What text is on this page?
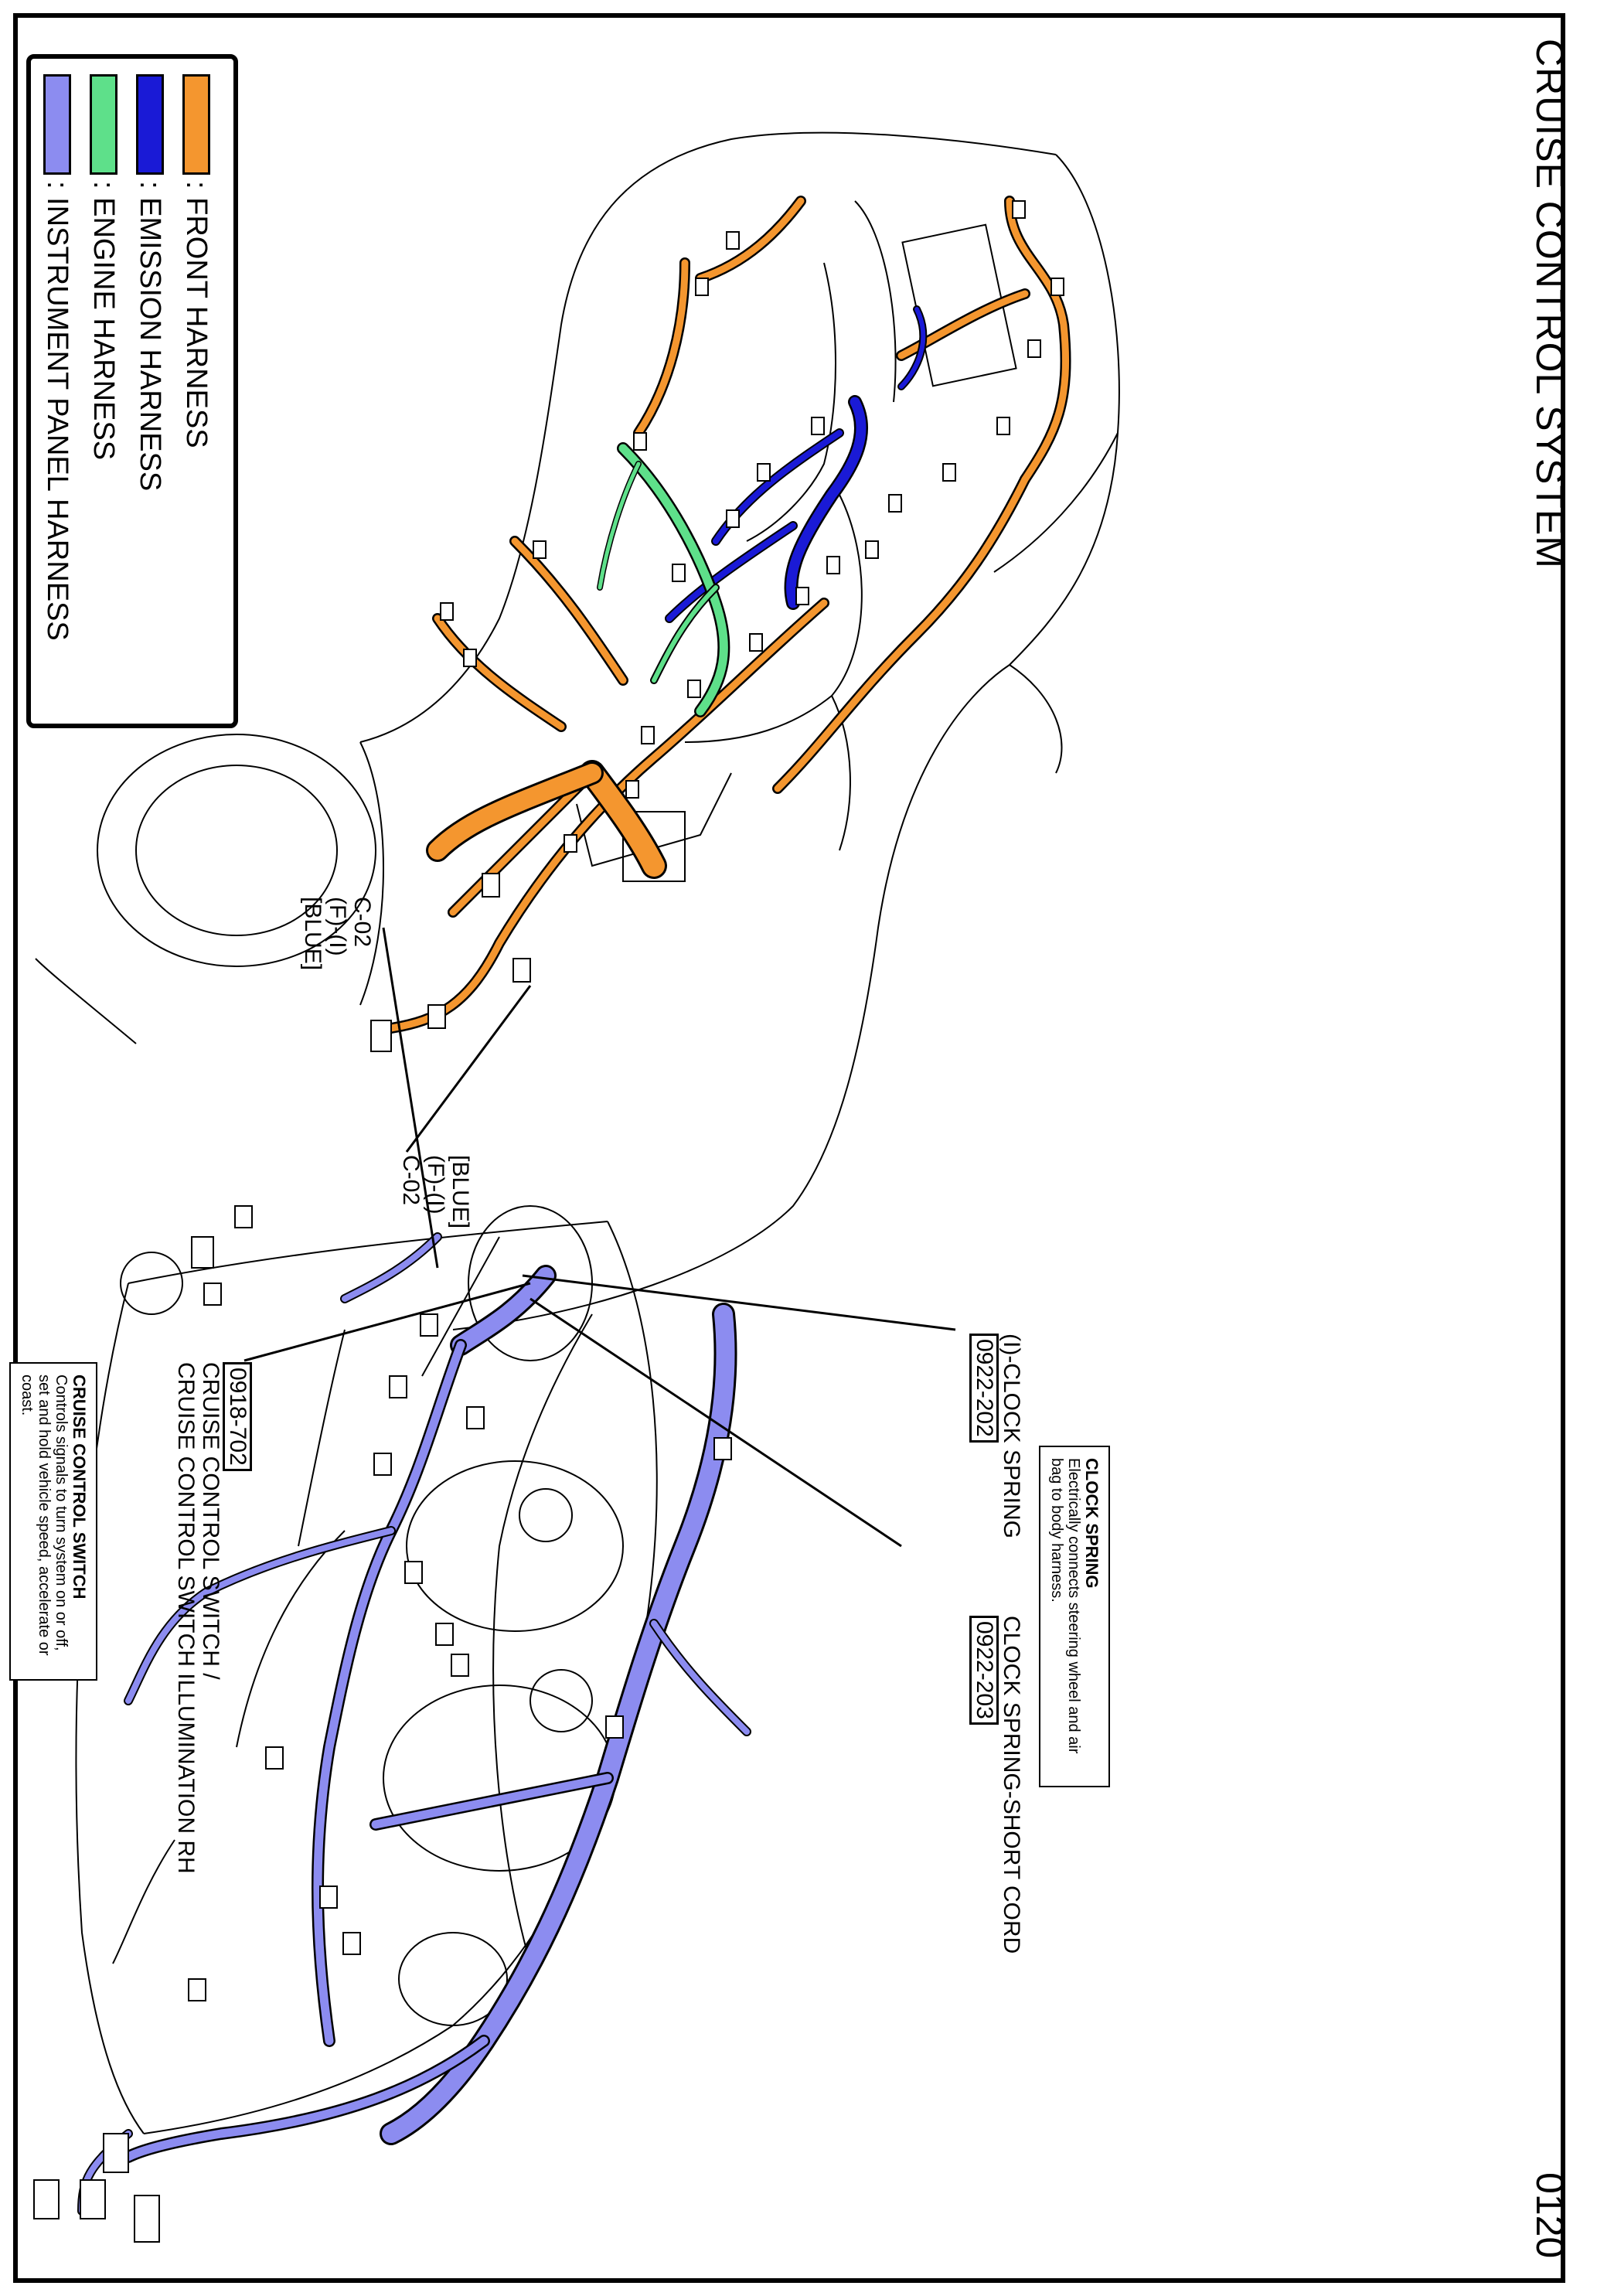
CRUISE CONTROL SYSTEM
0120
: FRONT HARNESS
: EMISSION HARNESS
: ENGINE HARNESS
: INSTRUMENT PANEL HARNESS
[BLUE]
(F)-(I)
C-02
C-02
(F)-(I)
[BLUE]
(I)-CLOCK SPRING
0922-202
CLOCK SPRING-SHORT CORD
0922-203
0918-702
CRUISE CONTROL SWITCH /
CRUISE CONTROL SWITCH ILLUMINATION RH	CLOCK SPRING
Electrically connects steering wheel and air bag to body harness.
CRUISE CONTROL SWITCH
Controls signals to turn system on or off, set and hold vehicle speed, accelerate or coast.
